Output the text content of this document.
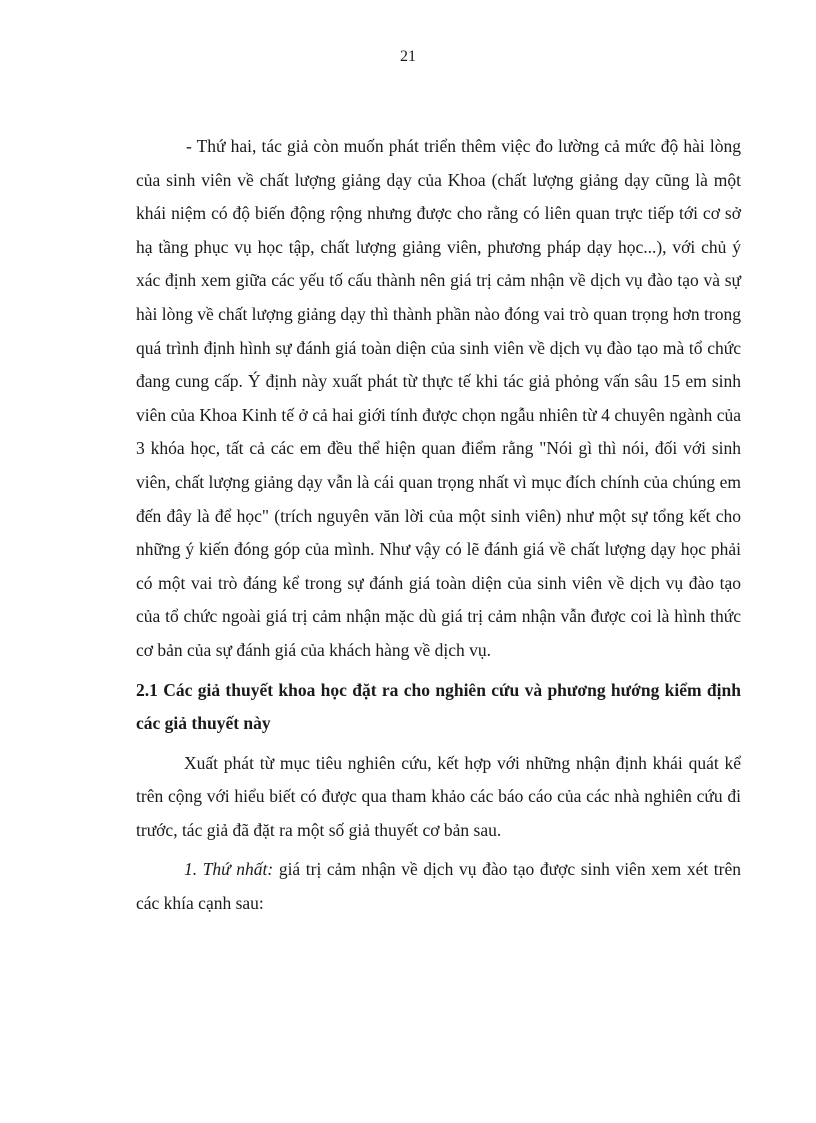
21

- Thứ hai, tác giả còn muốn phát triển thêm việc đo lường cả mức độ hài lòng của sinh viên về chất lượng giảng dạy của Khoa (chất lượng giảng dạy cũng là một khái niệm có độ biến động rộng nhưng được cho rằng có liên quan trực tiếp tới cơ sở hạ tầng phục vụ học tập, chất lượng giảng viên, phương pháp dạy học...), với chủ ý xác định xem giữa các yếu tố cấu thành nên giá trị cảm nhận về dịch vụ đào tạo và sự hài lòng về chất lượng giảng dạy thì thành phần nào đóng vai trò quan trọng hơn trong quá trình định hình sự đánh giá toàn diện của sinh viên về dịch vụ đào tạo mà tổ chức đang cung cấp. Ý định này xuất phát từ thực tế khi tác giả phỏng vấn sâu 15 em sinh viên của Khoa Kinh tế ở cả hai giới tính được chọn ngẫu nhiên từ 4 chuyên ngành của 3 khóa học, tất cả các em đều thể hiện quan điểm rằng "Nói gì thì nói, đối với sinh viên, chất lượng giảng dạy vẫn là cái quan trọng nhất vì mục đích chính của chúng em đến đây là để học" (trích nguyên văn lời của một sinh viên) như một sự tổng kết cho những ý kiến đóng góp của mình. Như vậy có lẽ đánh giá về chất lượng dạy học phải có một vai trò đáng kể trong sự đánh giá toàn diện của sinh viên về dịch vụ đào tạo của tổ chức ngoài giá trị cảm nhận mặc dù giá trị cảm nhận vẫn được coi là hình thức cơ bản của sự đánh giá của khách hàng về dịch vụ.

2.1 Các giả thuyết khoa học đặt ra cho nghiên cứu và phương hướng kiểm định các giả thuyết này

Xuất phát từ mục tiêu nghiên cứu, kết hợp với những nhận định khái quát kể trên cộng với hiểu biết có được qua tham khảo các báo cáo của các nhà nghiên cứu đi trước, tác giả đã đặt ra một số giả thuyết cơ bản sau.

1. Thứ nhất: giá trị cảm nhận về dịch vụ đào tạo được sinh viên xem xét trên các khía cạnh sau:
